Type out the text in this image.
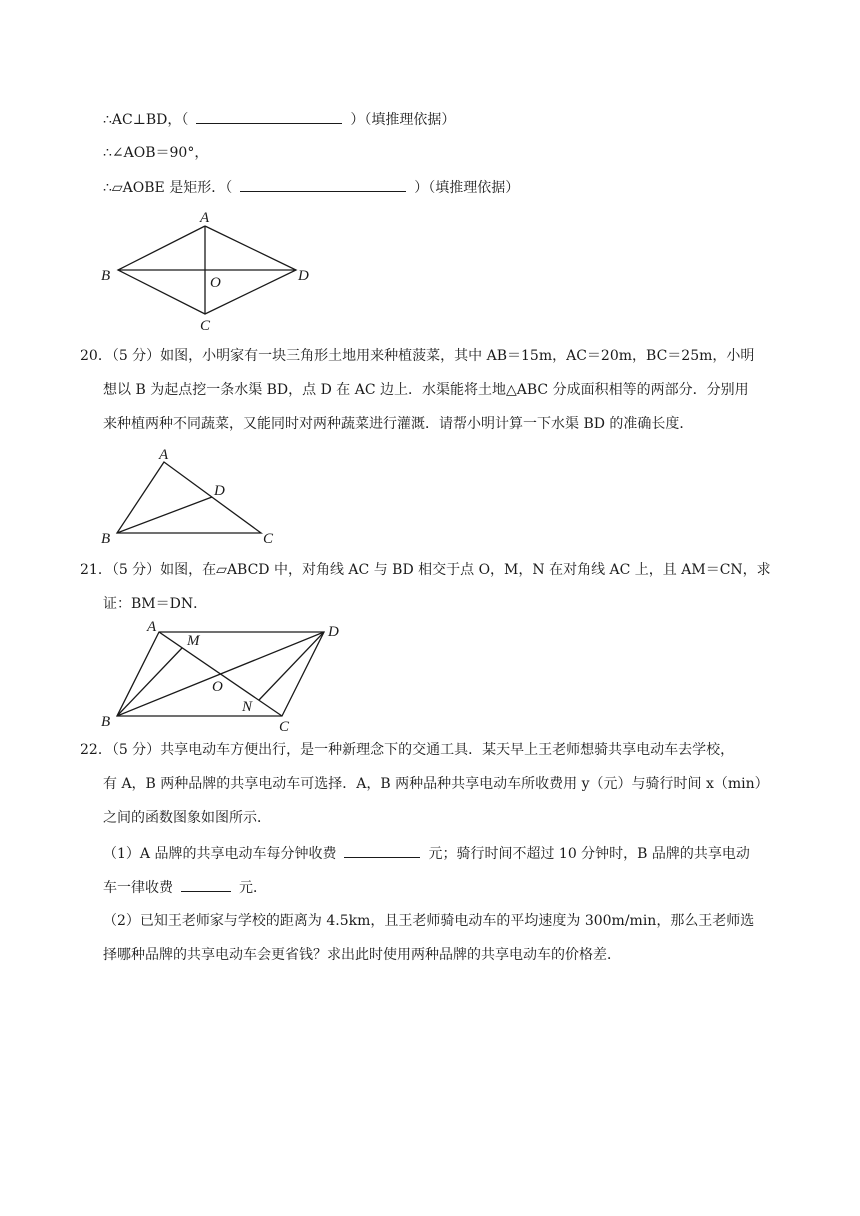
∴AC⊥BD，（	）（填推理依据）
∴∠AOB＝90°，
∴▱AOBE 是矩形．（	）（填推理依据）
A
B	D
O
C
20．（5 分）如图，小明家有一块三角形土地用来种植菠菜，其中 AB＝15m，AC＝20m，BC＝25m，小明
想以 B 为起点挖一条水渠 BD，点 D 在 AC 边上．水渠能将土地△ABC 分成面积相等的两部分．分别用
来种植两种不同蔬菜，又能同时对两种蔬菜进行灌溉．请帮小明计算一下水渠 BD 的准确长度．
A
D
B	C
21．（5 分）如图，在▱ABCD 中，对角线 AC 与 BD 相交于点 O，M，N 在对角线 AC 上，且 AM＝CN，求
证：BM＝DN．
A
M
D
O
N
B	C
22．（5 分）共享电动车方便出行，是一种新理念下的交通工具．某天早上王老师想骑共享电动车去学校，
有 A，B 两种品牌的共享电动车可选择．A，B 两种品种共享电动车所收费用 y（元）与骑行时间 x（min）
之间的函数图象如图所示．
（1）A 品牌的共享电动车每分钟收费	元；骑行时间不超过 10 分钟时，B 品牌的共享电动
车一律收费	元．
（2）已知王老师家与学校的距离为 4.5km，且王老师骑电动车的平均速度为 300m/min，那么王老师选
择哪种品牌的共享电动车会更省钱？求出此时使用两种品牌的共享电动车的价格差．
